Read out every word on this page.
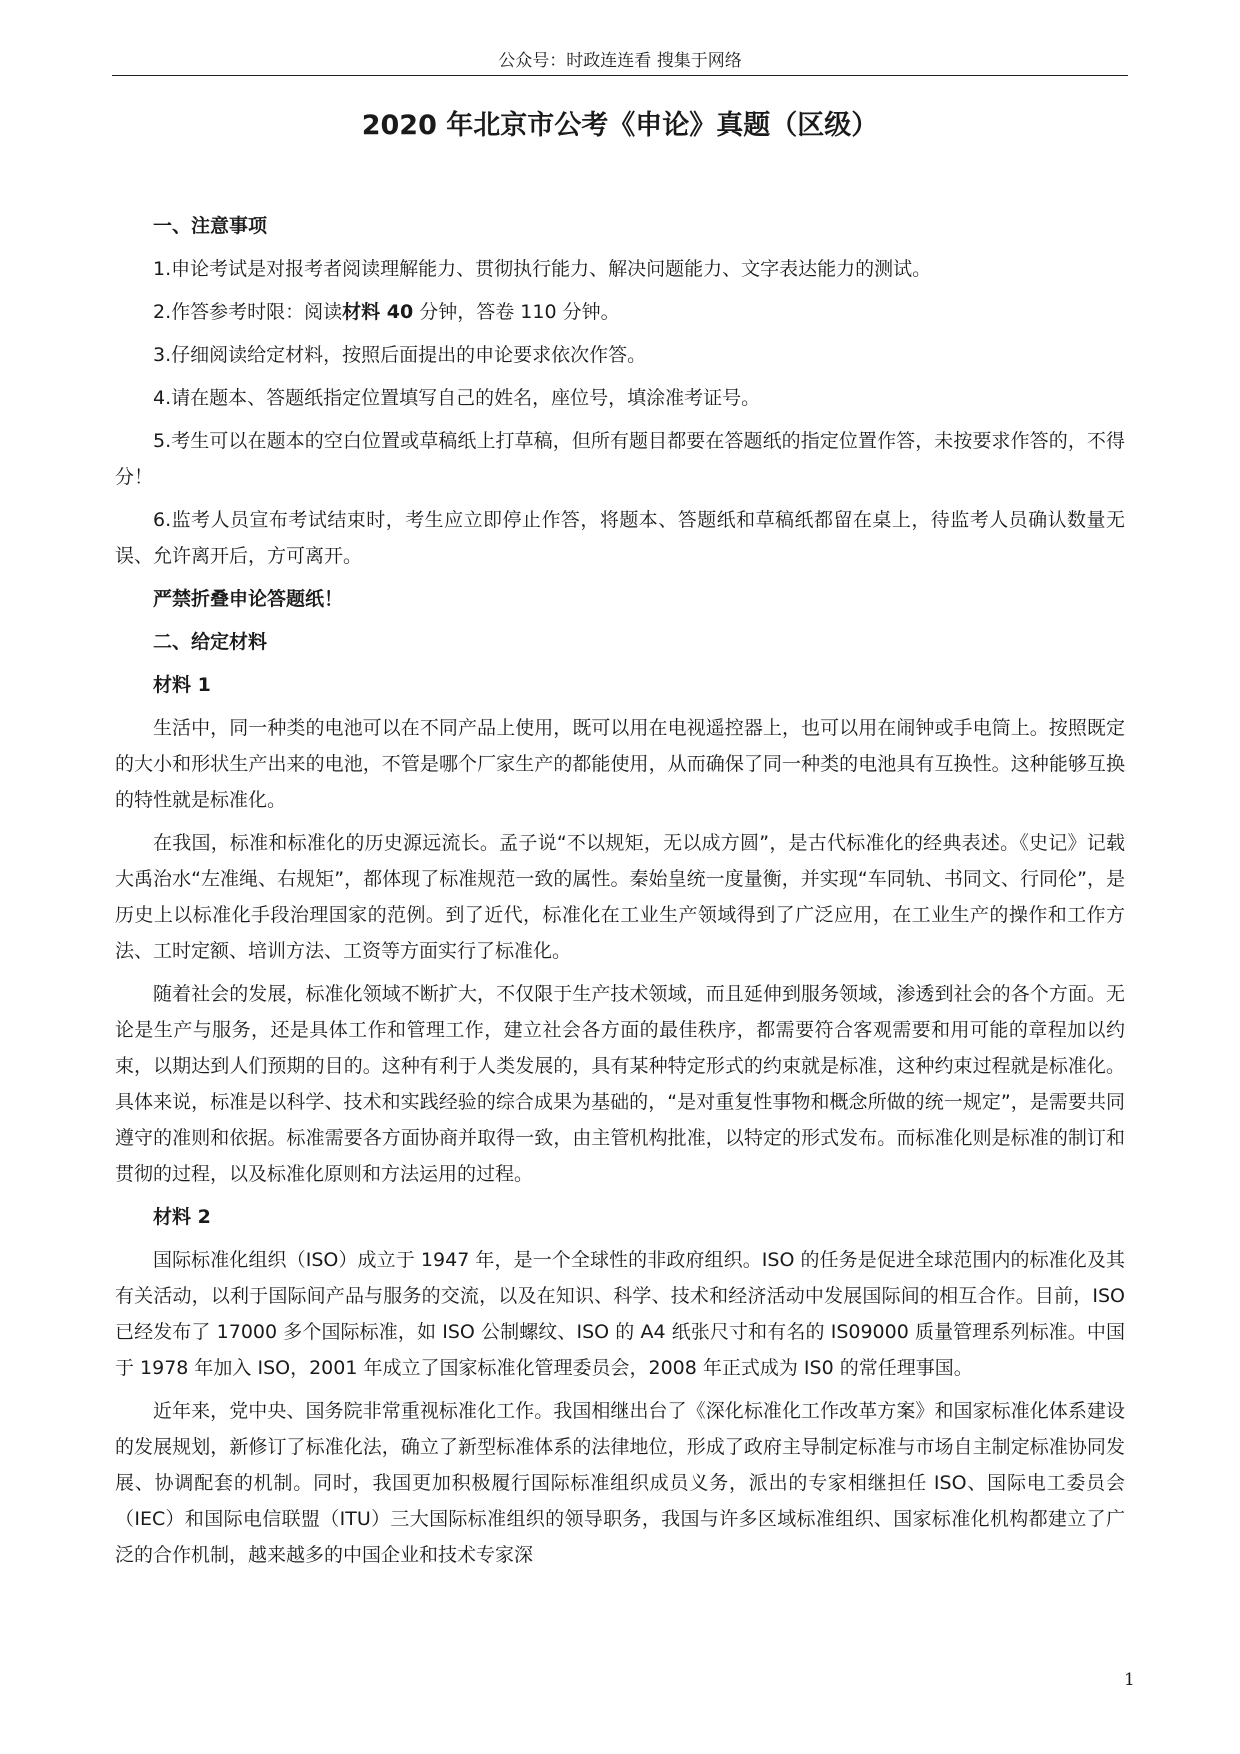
公众号：时政连连看 搜集于网络
2020 年北京市公考《申论》真题（区级）

一、注意事项

1.申论考试是对报考者阅读理解能力、贯彻执行能力、解决问题能力、文字表达能力的测试。

2.作答参考时限：阅读材料 40 分钟，答卷 110 分钟。

3.仔细阅读给定材料，按照后面提出的申论要求依次作答。

4.请在题本、答题纸指定位置填写自己的姓名，座位号，填涂准考证号。

5.考生可以在题本的空白位置或草稿纸上打草稿，但所有题目都要在答题纸的指定位置作答，未按要求作答的，不得分！

6.监考人员宣布考试结束时，考生应立即停止作答，将题本、答题纸和草稿纸都留在桌上，待监考人员确认数量无误、允许离开后，方可离开。

严禁折叠申论答题纸！

二、给定材料

材料 1

生活中，同一种类的电池可以在不同产品上使用，既可以用在电视遥控器上，也可以用在闹钟或手电筒上。按照既定的大小和形状生产出来的电池，不管是哪个厂家生产的都能使用，从而确保了同一种类的电池具有互换性。这种能够互换的特性就是标准化。

在我国，标准和标准化的历史源远流长。孟子说“不以规矩，无以成方圆”，是古代标准化的经典表述。《史记》记载大禹治水“左准绳、右规矩”，都体现了标准规范一致的属性。秦始皇统一度量衡，并实现“车同轨、书同文、行同伦”，是历史上以标准化手段治理国家的范例。到了近代，标准化在工业生产领域得到了广泛应用，在工业生产的操作和工作方法、工时定额、培训方法、工资等方面实行了标准化。

随着社会的发展，标准化领域不断扩大，不仅限于生产技术领域，而且延伸到服务领域，渗透到社会的各个方面。无论是生产与服务，还是具体工作和管理工作，建立社会各方面的最佳秩序，都需要符合客观需要和用可能的章程加以约束，以期达到人们预期的目的。这种有利于人类发展的，具有某种特定形式的约束就是标准，这种约束过程就是标准化。具体来说，标准是以科学、技术和实践经验的综合成果为基础的，“是对重复性事物和概念所做的统一规定”，是需要共同遵守的准则和依据。标准需要各方面协商并取得一致，由主管机构批准，以特定的形式发布。而标准化则是标准的制订和贯彻的过程，以及标准化原则和方法运用的过程。

材料 2

国际标准化组织（ISO）成立于 1947 年，是一个全球性的非政府组织。ISO 的任务是促进全球范围内的标准化及其有关活动，以利于国际间产品与服务的交流，以及在知识、科学、技术和经济活动中发展国际间的相互合作。目前，ISO 已经发布了 17000 多个国际标准，如 ISO 公制螺纹、ISO 的 A4 纸张尺寸和有名的 IS09000 质量管理系列标准。中国于 1978 年加入 ISO，2001 年成立了国家标准化管理委员会，2008 年正式成为 IS0 的常任理事国。

近年来，党中央、国务院非常重视标准化工作。我国相继出台了《深化标准化工作改革方案》和国家标准化体系建设的发展规划，新修订了标准化法，确立了新型标准体系的法律地位，形成了政府主导制定标准与市场自主制定标准协同发展、协调配套的机制。同时，我国更加积极履行国际标准组织成员义务，派出的专家相继担任 ISO、国际电工委员会（IEC）和国际电信联盟（ITU）三大国际标准组织的领导职务，我国与许多区域标准组织、国家标准化机构都建立了广泛的合作机制，越来越多的中国企业和技术专家深

1
